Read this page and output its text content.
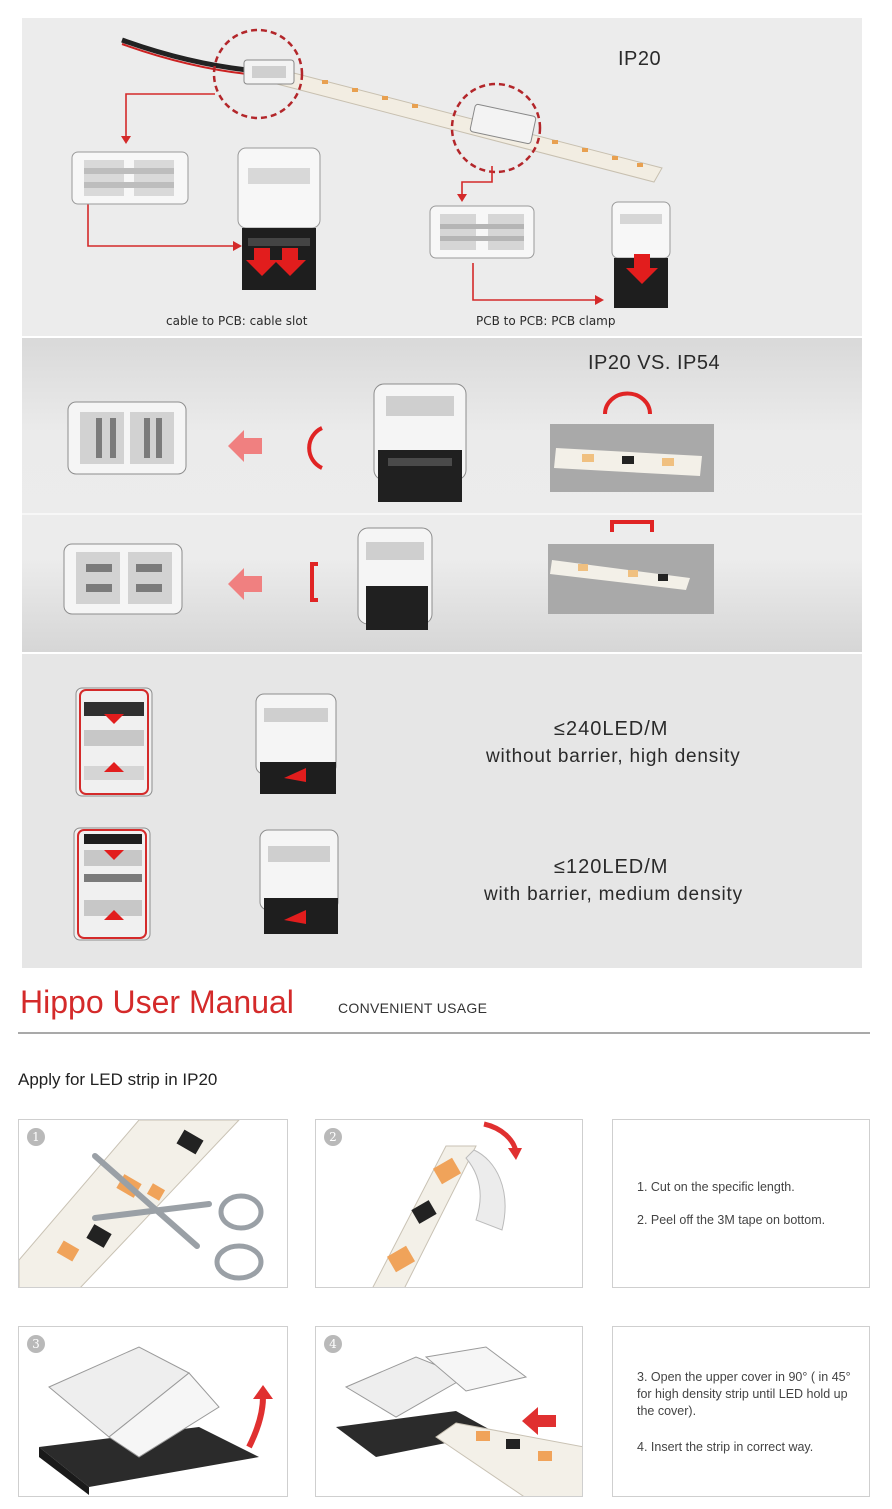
IP20
cable to PCB: cable slot	PCB to PCB: PCB clamp
IP20 VS. IP54
≤240LED/M
without barrier, high density
≤120LED/M
with barrier, medium density
Hippo User Manual	CONVENIENT USAGE
Apply for LED strip in IP20
1	2
1. Cut on the specific length.
2. Peel off the 3M tape on bottom.
3	4
3. Open the upper cover in 90° ( in 45° for high density strip until LED hold up the cover).
4. Insert the strip in correct way.
